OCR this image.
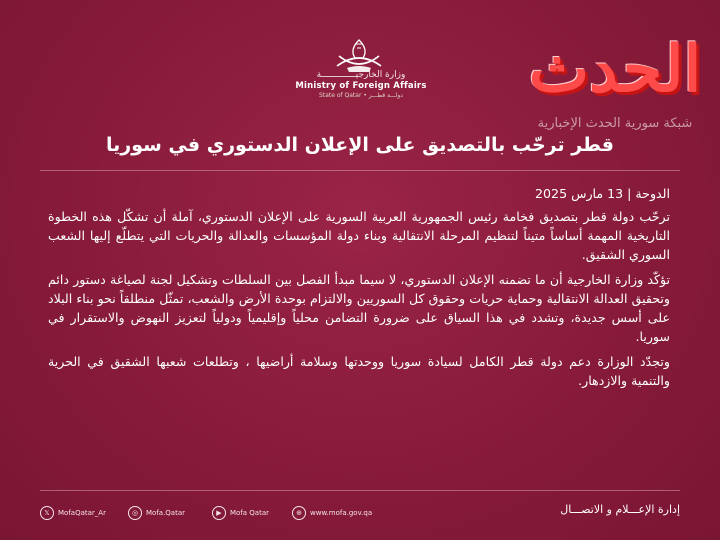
وزارة الخارجيـــــــــــــة
Ministry of Foreign Affairs
State of Qatar • دولـــة قطـــر	الحدث
شبكة سورية الحدث الإخبارية
قطر ترحّب بالتصديق على الإعلان الدستوري في سوريا

الدوحة | 13 مارس 2025

ترحّب دولة قطر بتصديق فخامة رئيس الجمهورية العربية السورية على الإعلان الدستوري، آملة أن تشكّل هذه الخطوة التاريخية المهمة أساساً متيناً لتنظيم المرحلة الانتقالية وبناء دولة المؤسسات والعدالة والحريات التي يتطلّع إليها الشعب السوري الشقيق.

تؤكّد وزارة الخارجية أن ما تضمنه الإعلان الدستوري، لا سيما مبدأ الفصل بين السلطات وتشكيل لجنة لصياغة دستور دائم وتحقيق العدالة الانتقالية وحماية حريات وحقوق كل السوريين والالتزام بوحدة الأرض والشعب، تمثّل منطلقاً نحو بناء البلاد على أسس جديدة، وتشدد في هذا السياق على ضرورة التضامن محلياً وإقليمياً ودولياً لتعزيز النهوض والاستقرار في سوريا.

وتجدّد الوزارة دعم دولة قطر الكامل لسيادة سوريا ووحدتها وسلامة أراضيها ، وتطلعات شعبها الشقيق في الحرية والتنمية والازدهار.

𝕏	MofaQatar_Ar	◎	Mofa.Qatar	▶	Mofa Qatar	⊕	www.mofa.gov.qa	إدارة الإعـــلام و الاتصـــال
